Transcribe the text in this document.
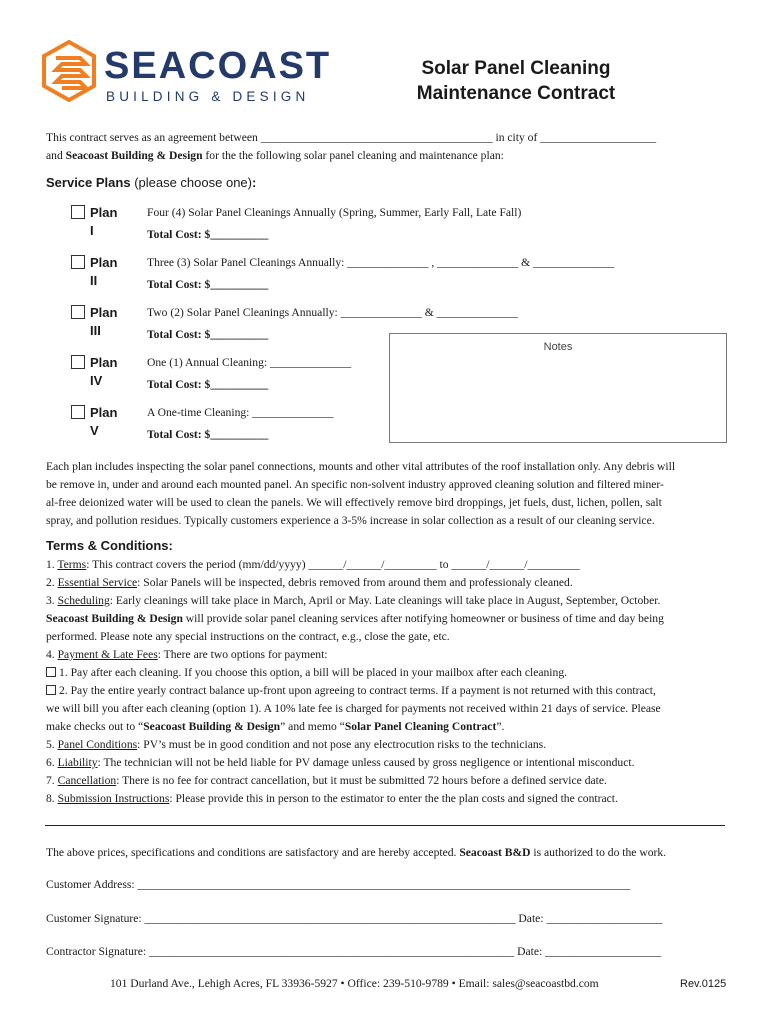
SEACOAST
BUILDING & DESIGN
Solar Panel Cleaning
Maintenance Contract
This contract serves as an agreement between ________________________________________ in city of ____________________
and Seacoast Building & Design for the the following solar panel cleaning and maintenance plan:
Service Plans (please choose one):
Plan I
Four (4) Solar Panel Cleanings Annually (Spring, Summer, Early Fall, Late Fall)
Total Cost: $__________
Plan II
Three (3) Solar Panel Cleanings Annually: ______________ , ______________ & ______________
Total Cost: $__________
Plan III
Two (2) Solar Panel Cleanings Annually: ______________ & ______________
Total Cost: $__________
Plan IV
One (1) Annual Cleaning: ______________
Total Cost: $__________
Plan V
A One-time Cleaning: ______________
Total Cost: $__________
Notes
Each plan includes inspecting the solar panel connections, mounts and other vital attributes of the roof installation only. Any debris will
be remove in, under and around each mounted panel. An specific non-solvent industry approved cleaning solution and filtered miner-
al-free deionized water will be used to clean the panels. We will effectively remove bird droppings, jet fuels, dust, lichen, pollen, salt
spray, and pollution residues. Typically customers experience a 3-5% increase in solar collection as a result of our cleaning service.
Terms & Conditions:
1. Terms: This contract covers the period (mm/dd/yyyy) ______/______/_________ to ______/______/_________
2. Essential Service: Solar Panels will be inspected, debris removed from around them and professionaly cleaned.
3. Scheduling: Early cleanings will take place in March, April or May. Late cleanings will take place in August, September, October.
Seacoast Building & Design will provide solar panel cleaning services after notifying homeowner or business of time and day being
performed. Please note any special instructions on the contract, e.g., close the gate, etc.
4. Payment & Late Fees: There are two options for payment:
1. Pay after each cleaning. If you choose this option, a bill will be placed in your mailbox after each cleaning.
2. Pay the entire yearly contract balance up-front upon agreeing to contract terms. If a payment is not returned with this contract,
we will bill you after each cleaning (option 1). A 10% late fee is charged for payments not received within 21 days of service. Please
make checks out to “Seacoast Building & Design” and memo “Solar Panel Cleaning Contract”.
5. Panel Conditions: PV’s must be in good condition and not pose any electrocution risks to the technicians.
6. Liability: The technician will not be held liable for PV damage unless caused by gross negligence or intentional misconduct.
7. Cancellation: There is no fee for contract cancellation, but it must be submitted 72 hours before a defined service date.
8. Submission Instructions: Please provide this in person to the estimator to enter the the plan costs and signed the contract.
The above prices, specifications and conditions are satisfactory and are hereby accepted. Seacoast B&D is authorized to do the work.
Customer Address: _____________________________________________________________________________________
Customer Signature: ________________________________________________________________ Date: ____________________
Contractor Signature: _______________________________________________________________ Date: ____________________
101 Durland Ave., Lehigh Acres, FL 33936-5927 • Office: 239-510-9789 • Email: sales@seacoastbd.com	Rev.0125
